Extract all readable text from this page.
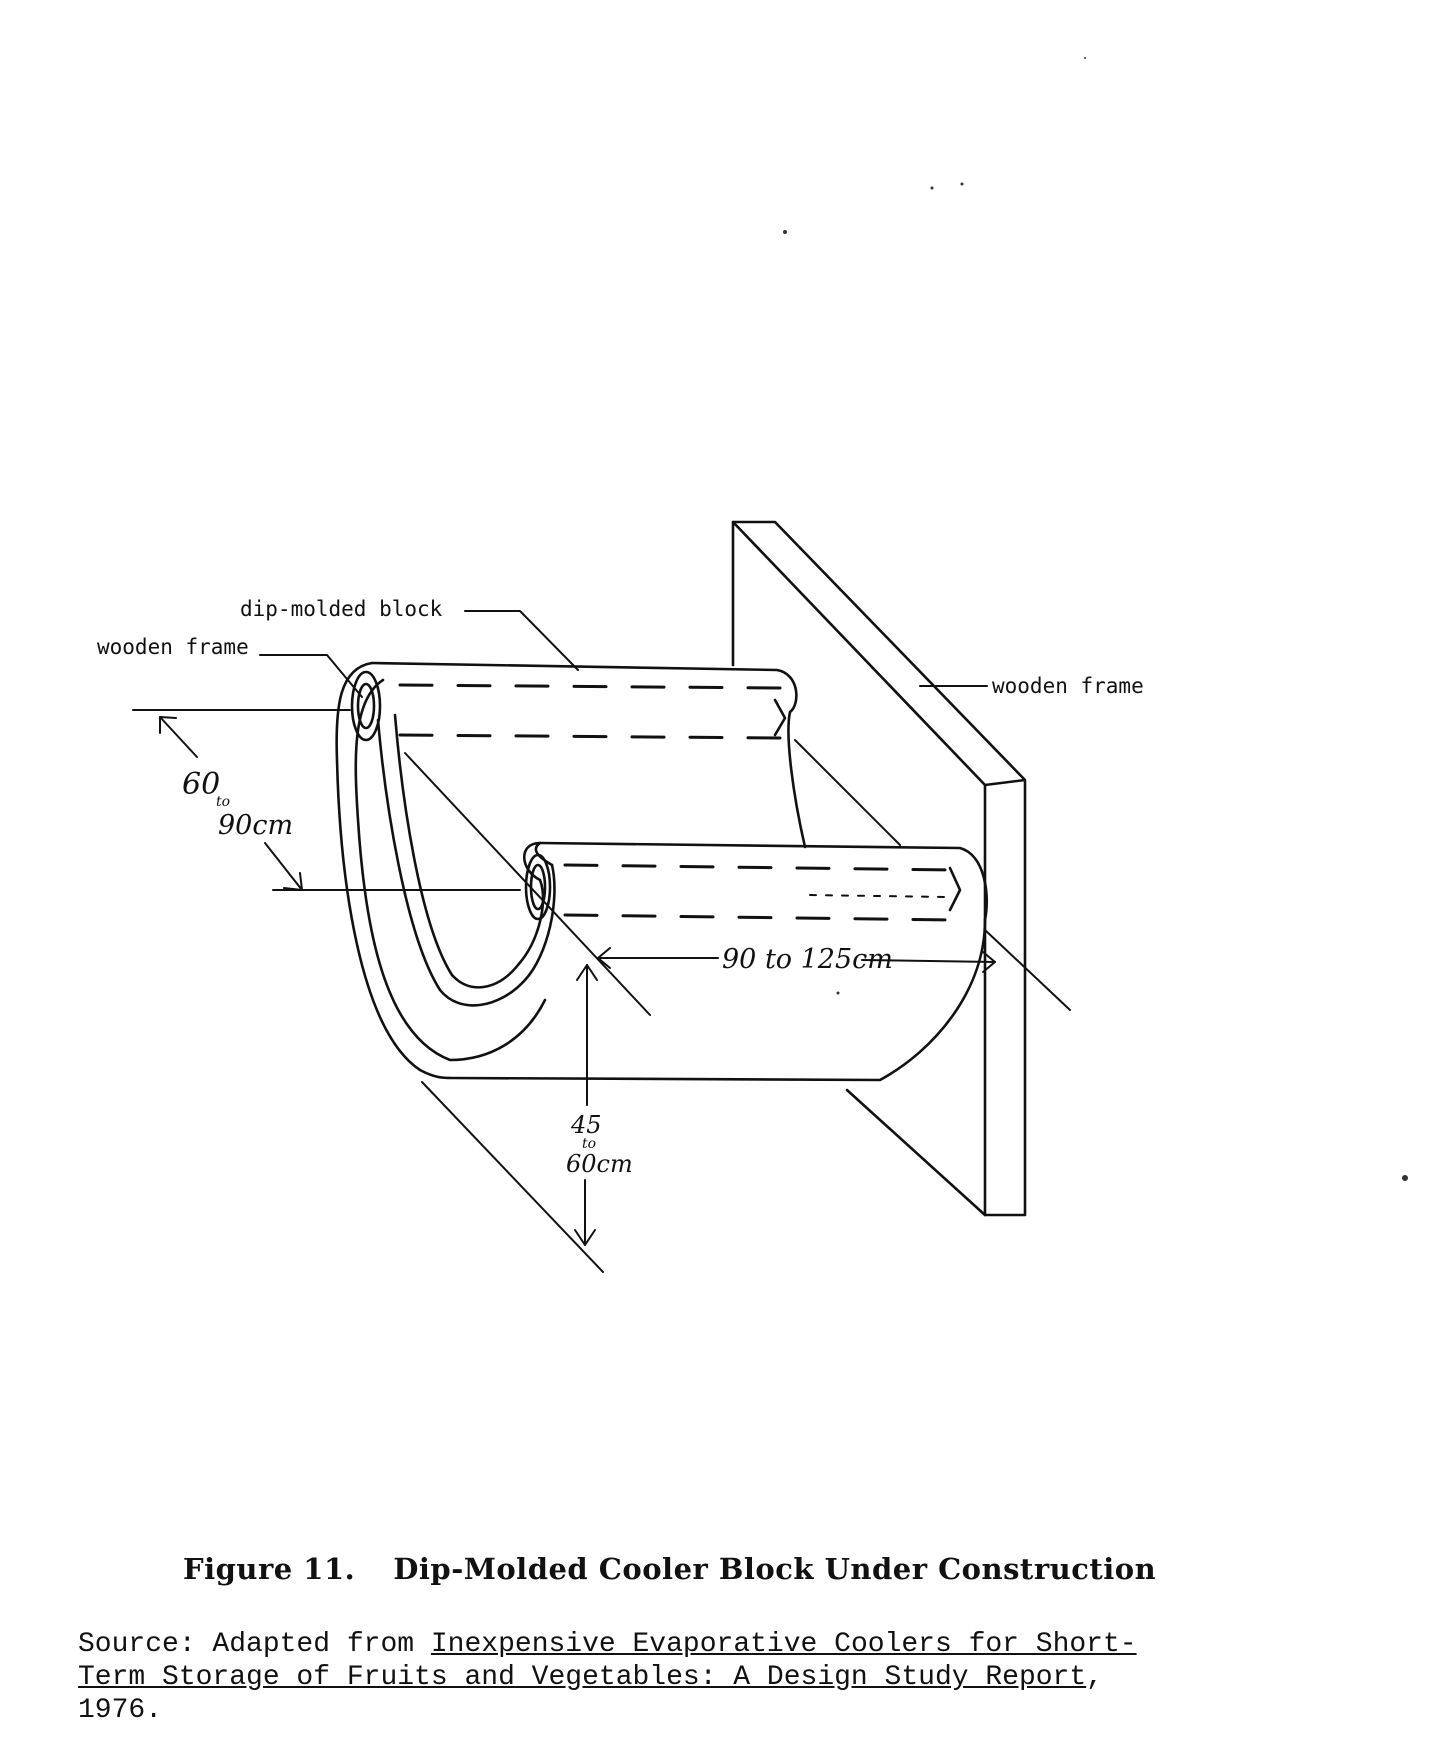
dip-molded block
wooden frame
wooden frame
60
to
90cm
90 to 125cm
45
to
60cm
Figure 11. Dip-Molded Cooler Block Under Construction
Source: Adapted from Inexpensive Evaporative Coolers for Short-
Term Storage of Fruits and Vegetables: A Design Study Report,
1976.
